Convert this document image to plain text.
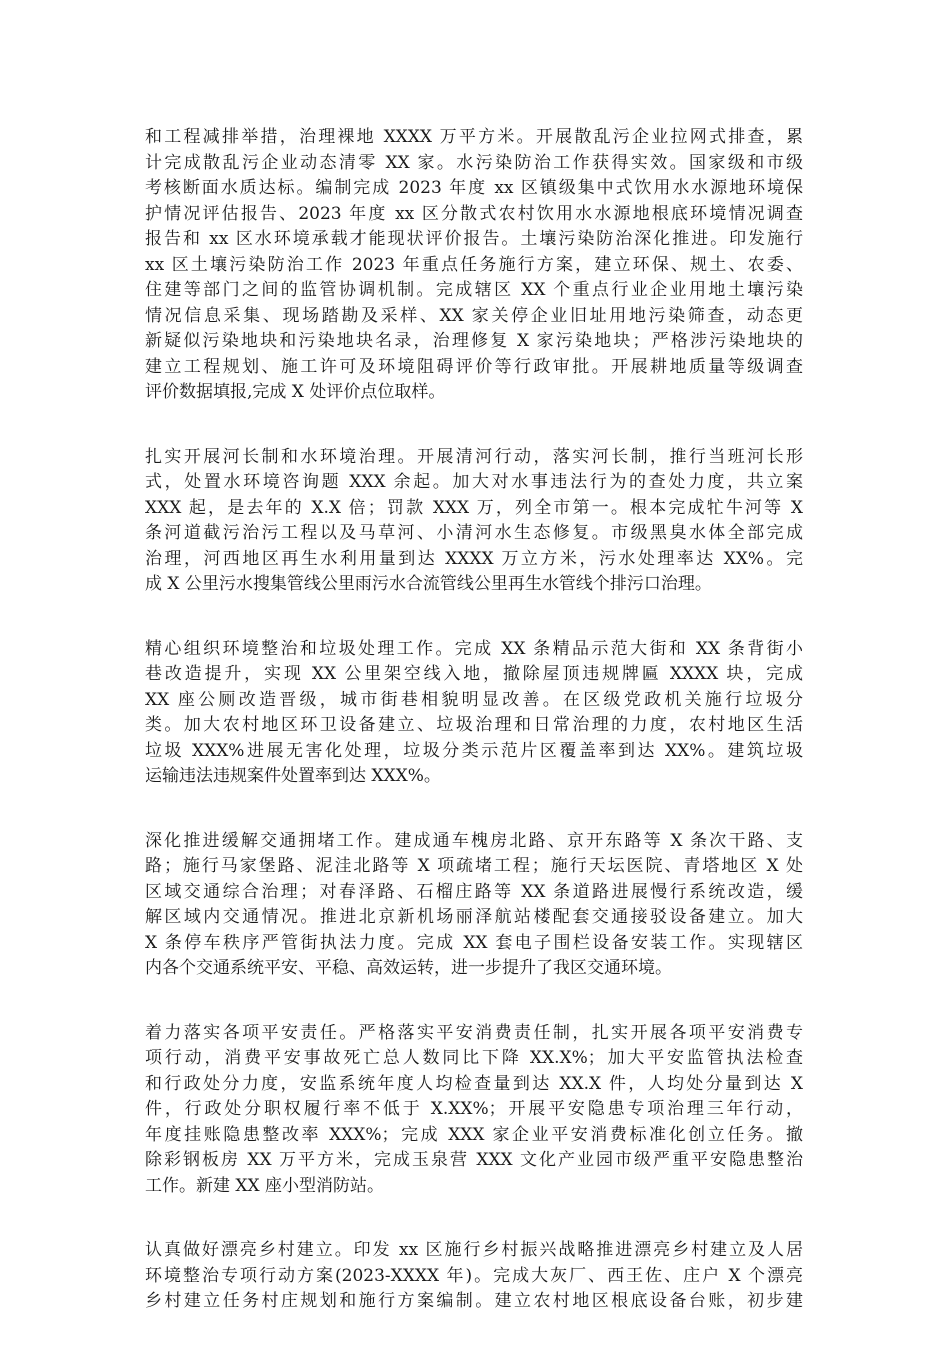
和工程减排举措，治理裸地 XXXX 万平方米。开展散乱污企业拉网式排查，累
计完成散乱污企业动态清零 XX 家。水污染防治工作获得实效。国家级和市级
考核断面水质达标。编制完成 2023 年度 xx 区镇级集中式饮用水水源地环境保
护情况评估报告、2023 年度 xx 区分散式农村饮用水水源地根底环境情况调查
报告和 xx 区水环境承载才能现状评价报告。土壤污染防治深化推进。印发施行
xx 区土壤污染防治工作 2023 年重点任务施行方案，建立环保、规土、农委、
住建等部门之间的监管协调机制。完成辖区 XX 个重点行业企业用地土壤污染
情况信息采集、现场踏勘及采样、XX 家关停企业旧址用地污染筛查，动态更
新疑似污染地块和污染地块名录，治理修复 X 家污染地块；严格涉污染地块的
建立工程规划、施工许可及环境阻碍评价等行政审批。开展耕地质量等级调查
评价数据填报,完成 X 处评价点位取样。
扎实开展河长制和水环境治理。开展清河行动，落实河长制，推行当班河长形
式，处置水环境咨询题 XXX 余起。加大对水事违法行为的查处力度，共立案
XXX 起，是去年的 X.X 倍；罚款 XXX 万，列全市第一。根本完成牤牛河等 X
条河道截污治污工程以及马草河、小清河水生态修复。市级黑臭水体全部完成
治理，河西地区再生水利用量到达 XXXX 万立方米，污水处理率达 XX%。完
成 X 公里污水搜集管线公里雨污水合流管线公里再生水管线个排污口治理。
精心组织环境整治和垃圾处理工作。完成 XX 条精品示范大街和 XX 条背街小
巷改造提升，实现 XX 公里架空线入地，撤除屋顶违规牌匾 XXXX 块，完成
XX 座公厕改造晋级，城市街巷相貌明显改善。在区级党政机关施行垃圾分
类。加大农村地区环卫设备建立、垃圾治理和日常治理的力度，农村地区生活
垃圾 XXX%进展无害化处理，垃圾分类示范片区覆盖率到达 XX%。建筑垃圾
运输违法违规案件处置率到达 XXX%。
深化推进缓解交通拥堵工作。建成通车槐房北路、京开东路等 X 条次干路、支
路；施行马家堡路、泥洼北路等 X 项疏堵工程；施行天坛医院、青塔地区 X 处
区域交通综合治理；对春泽路、石榴庄路等 XX 条道路进展慢行系统改造，缓
解区域内交通情况。推进北京新机场丽泽航站楼配套交通接驳设备建立。加大
X 条停车秩序严管街执法力度。完成 XX 套电子围栏设备安装工作。实现辖区
内各个交通系统平安、平稳、高效运转，进一步提升了我区交通环境。
着力落实各项平安责任。严格落实平安消费责任制，扎实开展各项平安消费专
项行动，消费平安事故死亡总人数同比下降 XX.X%；加大平安监管执法检查
和行政处分力度，安监系统年度人均检查量到达 XX.X 件，人均处分量到达 X
件，行政处分职权履行率不低于 X.XX%；开展平安隐患专项治理三年行动，
年度挂账隐患整改率 XXX%；完成 XXX 家企业平安消费标准化创立任务。撤
除彩钢板房 XX 万平方米，完成玉泉营 XXX 文化产业园市级严重平安隐患整治
工作。新建 XX 座小型消防站。
认真做好漂亮乡村建立。印发 xx 区施行乡村振兴战略推进漂亮乡村建立及人居
环境整治专项行动方案(2023-XXXX 年)。完成大灰厂、西王佐、庄户 X 个漂亮
乡村建立任务村庄规划和施行方案编制。建立农村地区根底设备台账，初步建
